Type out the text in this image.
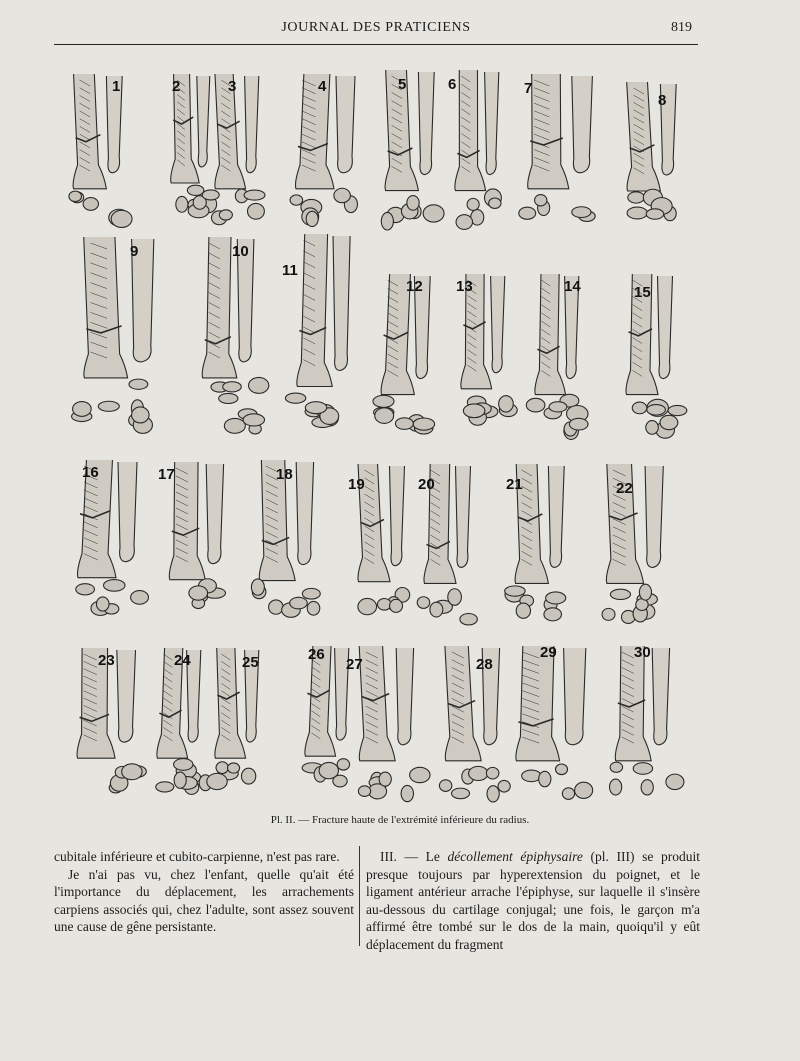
JOURNAL DES PRATICIENS	819
1	2	3	4	5	6	7
8
9	10
11
12 13	14	15
16	17	18
19	20	21	22
23	24	25	26
27	28
29	30
Pl. II. — Fracture haute de l'extrémité inférieure du radius.

cubitale inférieure et cubito-carpienne, n'est pas rare.

Je n'ai pas vu, chez l'enfant, quelle qu'ait été l'importance du déplacement, les arrachements carpiens associés qui, chez l'adulte, sont assez souvent une cause de gêne persistante.

III. — Le décollement épiphysaire (pl. III) se produit presque toujours par hyperextension du poignet, et le ligament antérieur arrache l'épiphyse, sur laquelle il s'insère au-dessous du cartilage conjugal; une fois, le garçon m'a affirmé être tombé sur le dos de la main, quoiqu'il y eût déplacement du fragment
